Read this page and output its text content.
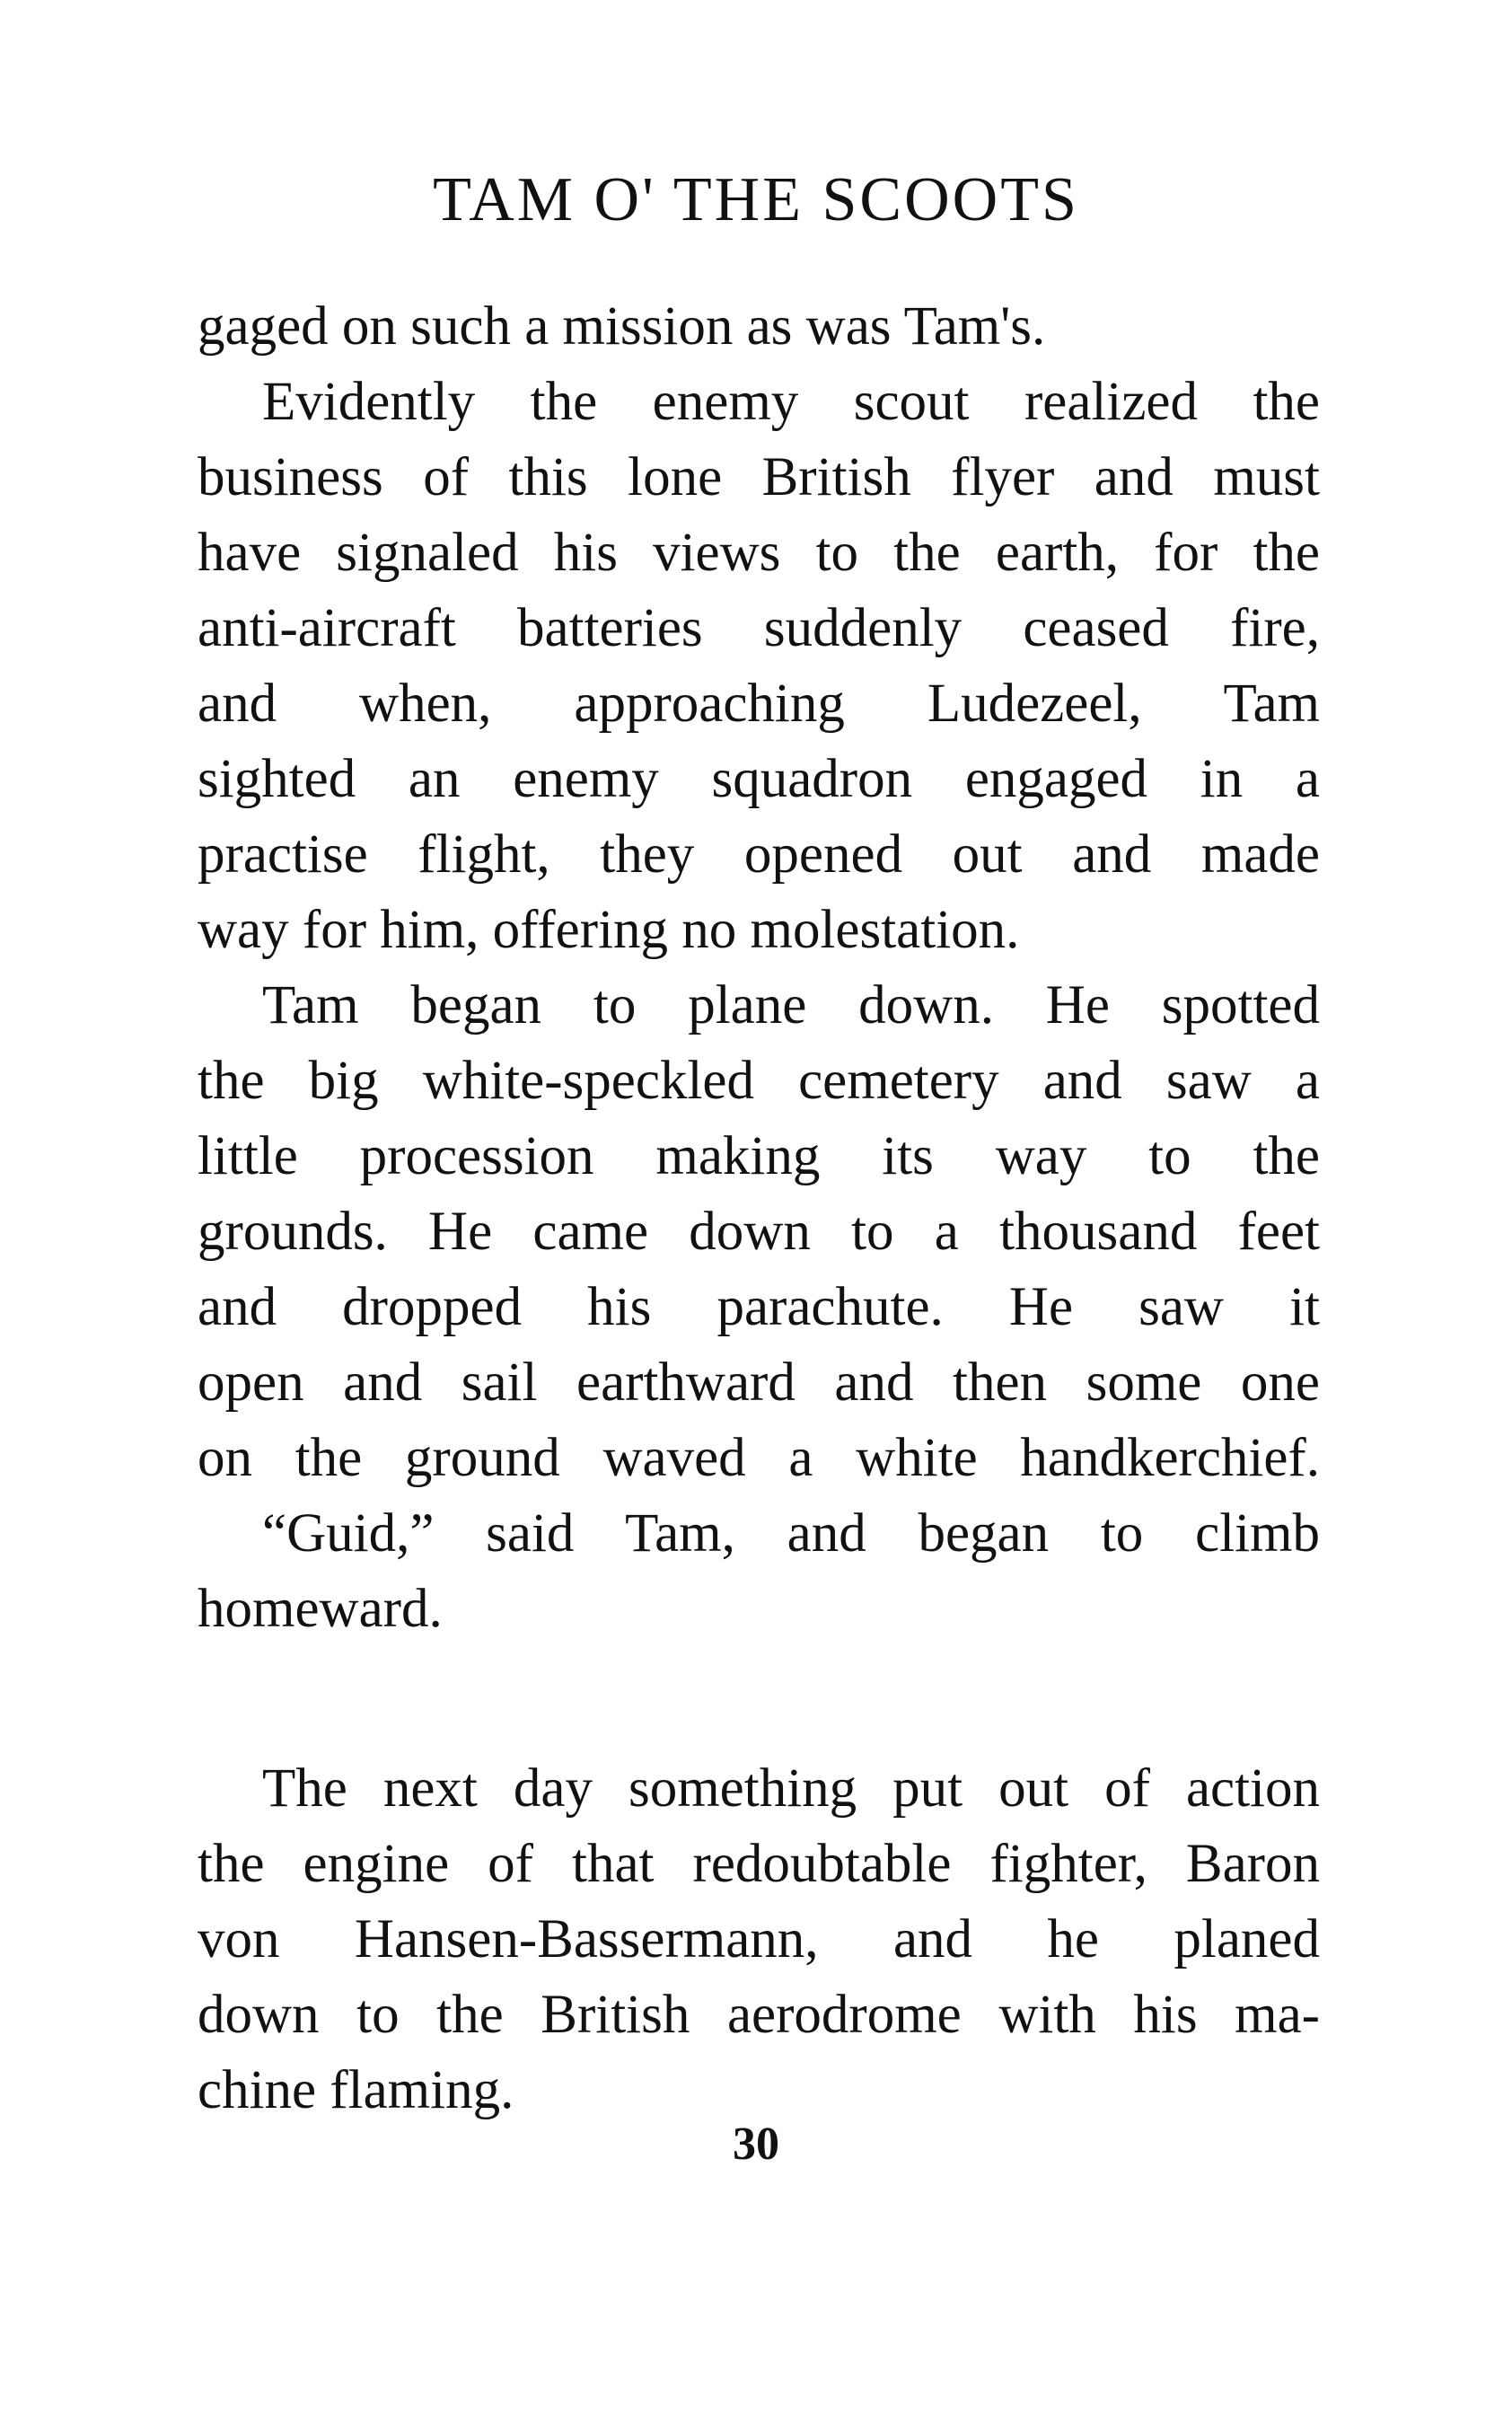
TAM O' THE SCOOTS
gaged on such a mission as was Tam's.
Evidently the enemy scout realized the
business of this lone British flyer and must
have signaled his views to the earth, for the
anti-aircraft batteries suddenly ceased fire,
and when, approaching Ludezeel, Tam
sighted an enemy squadron engaged in a
practise flight, they opened out and made
way for him, offering no molestation.
Tam began to plane down. He spotted
the big white-speckled cemetery and saw a
little procession making its way to the
grounds. He came down to a thousand feet
and dropped his parachute. He saw it
open and sail earthward and then some one
on the ground waved a white handkerchief.
“Guid,” said Tam, and began to climb
homeward.
The next day something put out of action
the engine of that redoubtable fighter, Baron
von Hansen-Bassermann, and he planed
down to the British aerodrome with his ma-
chine flaming.
30
